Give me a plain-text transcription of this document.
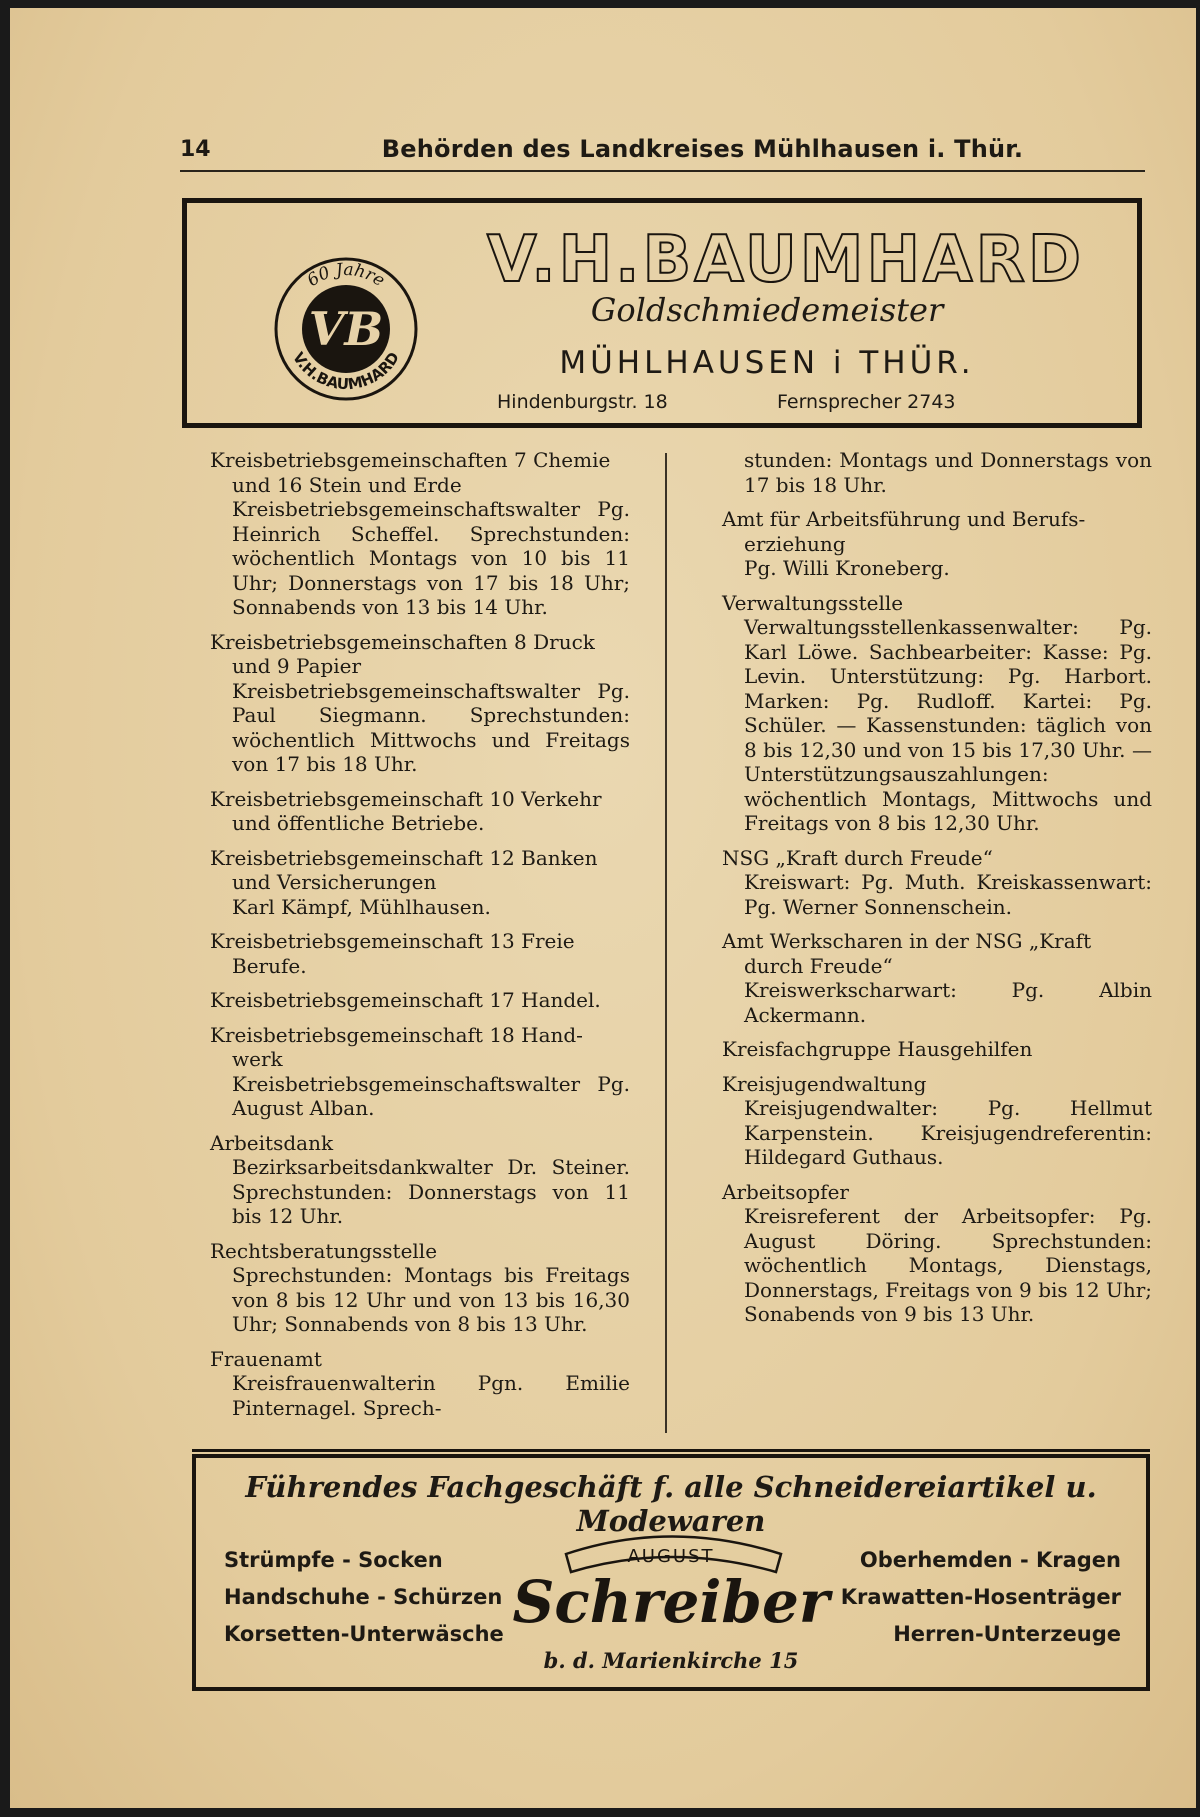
14	Behörden des Landkreises Mühlhausen i. Thür.
60 Jahre
V.H.BAUMHARD
VB
V.H.BAUMHARD
Goldschmiedemeister
MÜHLHAUSEN i THÜR.
Hindenburgstr. 18	Fernsprecher 2743
Kreisbetriebsgemeinschaften 7 Chemie
und 16 Stein und Erde
Kreisbetriebsgemeinschaftswalter Pg. Heinrich Scheffel. Sprechstunden: wöchentlich Montags von 10 bis 11 Uhr; Donnerstags von 17 bis 18 Uhr; Sonnabends von 13 bis 14 Uhr.
Kreisbetriebsgemeinschaften 8 Druck
und 9 Papier
Kreisbetriebsgemeinschaftswalter Pg. Paul Siegmann. Sprechstunden: wöchentlich Mittwochs und Freitags von 17 bis 18 Uhr.
Kreisbetriebsgemeinschaft 10 Verkehr
und öffentliche Betriebe.
Kreisbetriebsgemeinschaft 12 Banken
und Versicherungen
Karl Kämpf, Mühlhausen.
Kreisbetriebsgemeinschaft 13 Freie
Berufe.
Kreisbetriebsgemeinschaft 17 Handel.
Kreisbetriebsgemeinschaft 18 Hand-
werk
Kreisbetriebsgemeinschaftswalter Pg. August Alban.
Arbeitsdank
Bezirksarbeitsdankwalter Dr. Steiner. Sprechstunden: Donnerstags von 11 bis 12 Uhr.
Rechtsberatungsstelle
Sprechstunden: Montags bis Freitags von 8 bis 12 Uhr und von 13 bis 16,30 Uhr; Sonnabends von 8 bis 13 Uhr.
Frauenamt
Kreisfrauenwalterin Pgn. Emilie Pinternagel. Sprech-
stunden: Montags und Donnerstags von 17 bis 18 Uhr.
Amt für Arbeitsführung und Berufs-
erziehung
Pg. Willi Kroneberg.
Verwaltungsstelle
Verwaltungsstellenkassenwalter: Pg. Karl Löwe. Sachbearbeiter: Kasse: Pg. Levin. Unterstützung: Pg. Harbort. Marken: Pg. Rudloff. Kartei: Pg. Schüler. — Kassenstunden: täglich von 8 bis 12,30 und von 15 bis 17,30 Uhr. — Unterstützungsauszahlungen: wöchentlich Montags, Mittwochs und Freitags von 8 bis 12,30 Uhr.
NSG „Kraft durch Freude“
Kreiswart: Pg. Muth. Kreiskassenwart: Pg. Werner Sonnenschein.
Amt Werkscharen in der NSG „Kraft
durch Freude“
Kreiswerkscharwart: Pg. Albin Ackermann.
Kreisfachgruppe Hausgehilfen
Kreisjugendwaltung
Kreisjugendwalter: Pg. Hellmut Karpenstein. Kreisjugendreferentin: Hildegard Guthaus.
Arbeitsopfer
Kreisreferent der Arbeitsopfer: Pg. August Döring. Sprechstunden: wöchentlich Montags, Dienstags, Donnerstags, Freitags von 9 bis 12 Uhr; Sonabends von 9 bis 13 Uhr.
Führendes Fachgeschäft f. alle Schneidereiartikel u. Modewaren
Strümpfe - Socken
Handschuhe - Schürzen
Korsetten-Unterwäsche
AUGUST
Schreiber
Oberhemden - Kragen
Krawatten-Hosenträger
Herren-Unterzeuge
b. d. Marienkirche 15
